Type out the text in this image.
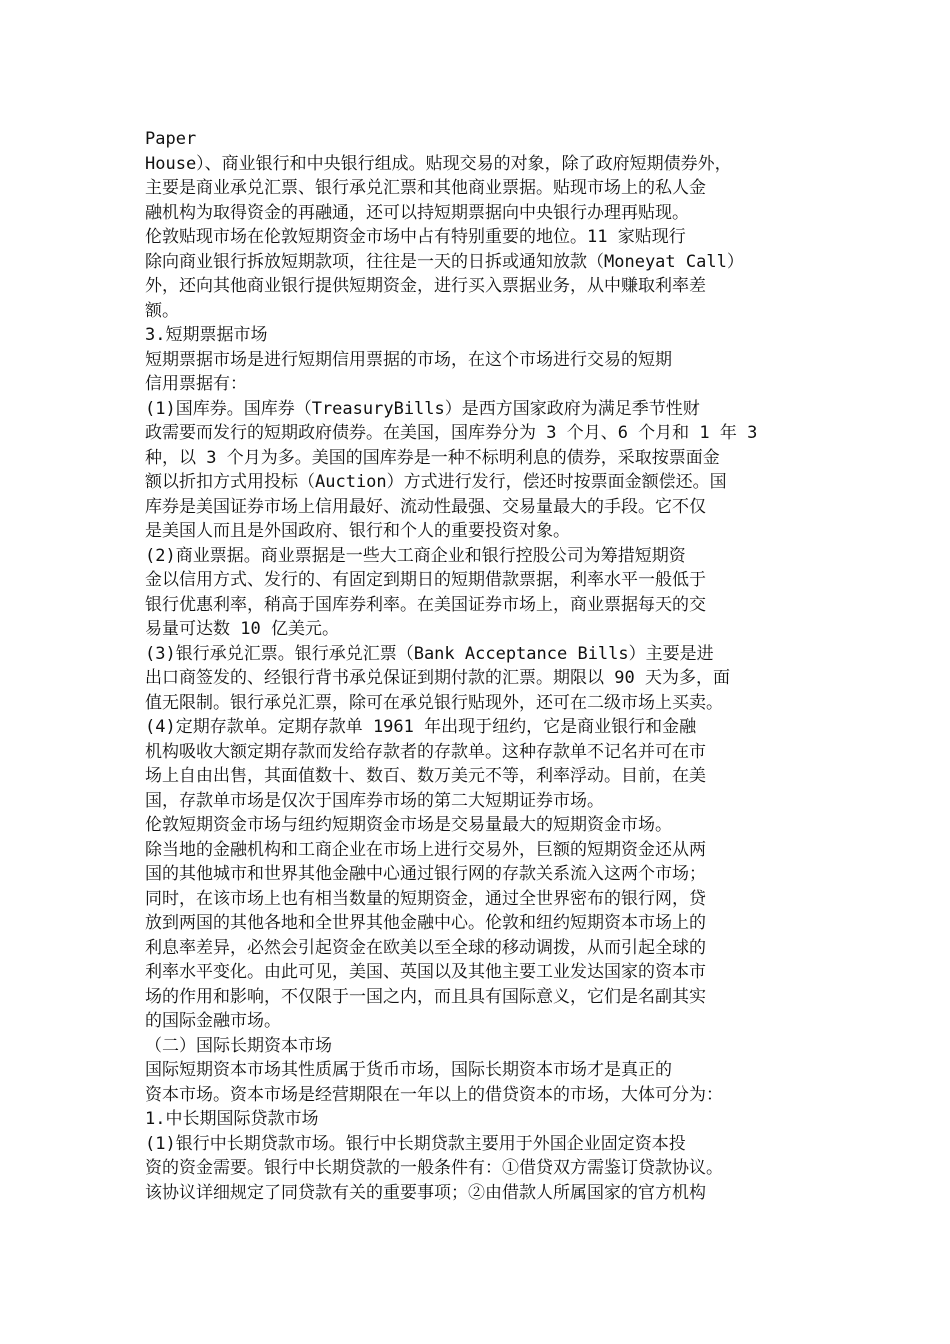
Paper
House）、商业银行和中央银行组成。贴现交易的对象，除了政府短期债券外，
主要是商业承兑汇票、银行承兑汇票和其他商业票据。贴现市场上的私人金
融机构为取得资金的再融通，还可以持短期票据向中央银行办理再贴现。
伦敦贴现市场在伦敦短期资金市场中占有特别重要的地位。11 家贴现行
除向商业银行拆放短期款项，往往是一天的日拆或通知放款（Moneyat Call）
外，还向其他商业银行提供短期资金，进行买入票据业务，从中赚取利率差
额。
3.短期票据市场
短期票据市场是进行短期信用票据的市场，在这个市场进行交易的短期
信用票据有：
(1)国库券。国库券（TreasuryBills）是西方国家政府为满足季节性财
政需要而发行的短期政府债券。在美国，国库券分为 3 个月、6 个月和 1 年 3
种，以 3 个月为多。美国的国库券是一种不标明利息的债券，采取按票面金
额以折扣方式用投标（Auction）方式进行发行，偿还时按票面金额偿还。国
库券是美国证券市场上信用最好、流动性最强、交易量最大的手段。它不仅
是美国人而且是外国政府、银行和个人的重要投资对象。
(2)商业票据。商业票据是一些大工商企业和银行控股公司为筹措短期资
金以信用方式、发行的、有固定到期日的短期借款票据，利率水平一般低于
银行优惠利率，稍高于国库券利率。在美国证券市场上，商业票据每天的交
易量可达数 10 亿美元。
(3)银行承兑汇票。银行承兑汇票（Bank Acceptance Bills）主要是进
出口商签发的、经银行背书承兑保证到期付款的汇票。期限以 90 天为多，面
值无限制。银行承兑汇票，除可在承兑银行贴现外，还可在二级市场上买卖。
(4)定期存款单。定期存款单 1961 年出现于纽约，它是商业银行和金融
机构吸收大额定期存款而发给存款者的存款单。这种存款单不记名并可在市
场上自由出售，其面值数十、数百、数万美元不等，利率浮动。目前，在美
国，存款单市场是仅次于国库券市场的第二大短期证券市场。
伦敦短期资金市场与纽约短期资金市场是交易量最大的短期资金市场。
除当地的金融机构和工商企业在市场上进行交易外，巨额的短期资金还从两
国的其他城市和世界其他金融中心通过银行网的存款关系流入这两个市场；
同时，在该市场上也有相当数量的短期资金，通过全世界密布的银行网，贷
放到两国的其他各地和全世界其他金融中心。伦敦和纽约短期资本市场上的
利息率差异，必然会引起资金在欧美以至全球的移动调拨，从而引起全球的
利率水平变化。由此可见，美国、英国以及其他主要工业发达国家的资本市
场的作用和影响，不仅限于一国之内，而且具有国际意义，它们是名副其实
的国际金融市场。
（二）国际长期资本市场
国际短期资本市场其性质属于货币市场，国际长期资本市场才是真正的
资本市场。资本市场是经营期限在一年以上的借贷资本的市场，大体可分为：
1.中长期国际贷款市场
(1)银行中长期贷款市场。银行中长期贷款主要用于外国企业固定资本投
资的资金需要。银行中长期贷款的一般条件有：①借贷双方需鉴订贷款协议。
该协议详细规定了同贷款有关的重要事项；②由借款人所属国家的官方机构
